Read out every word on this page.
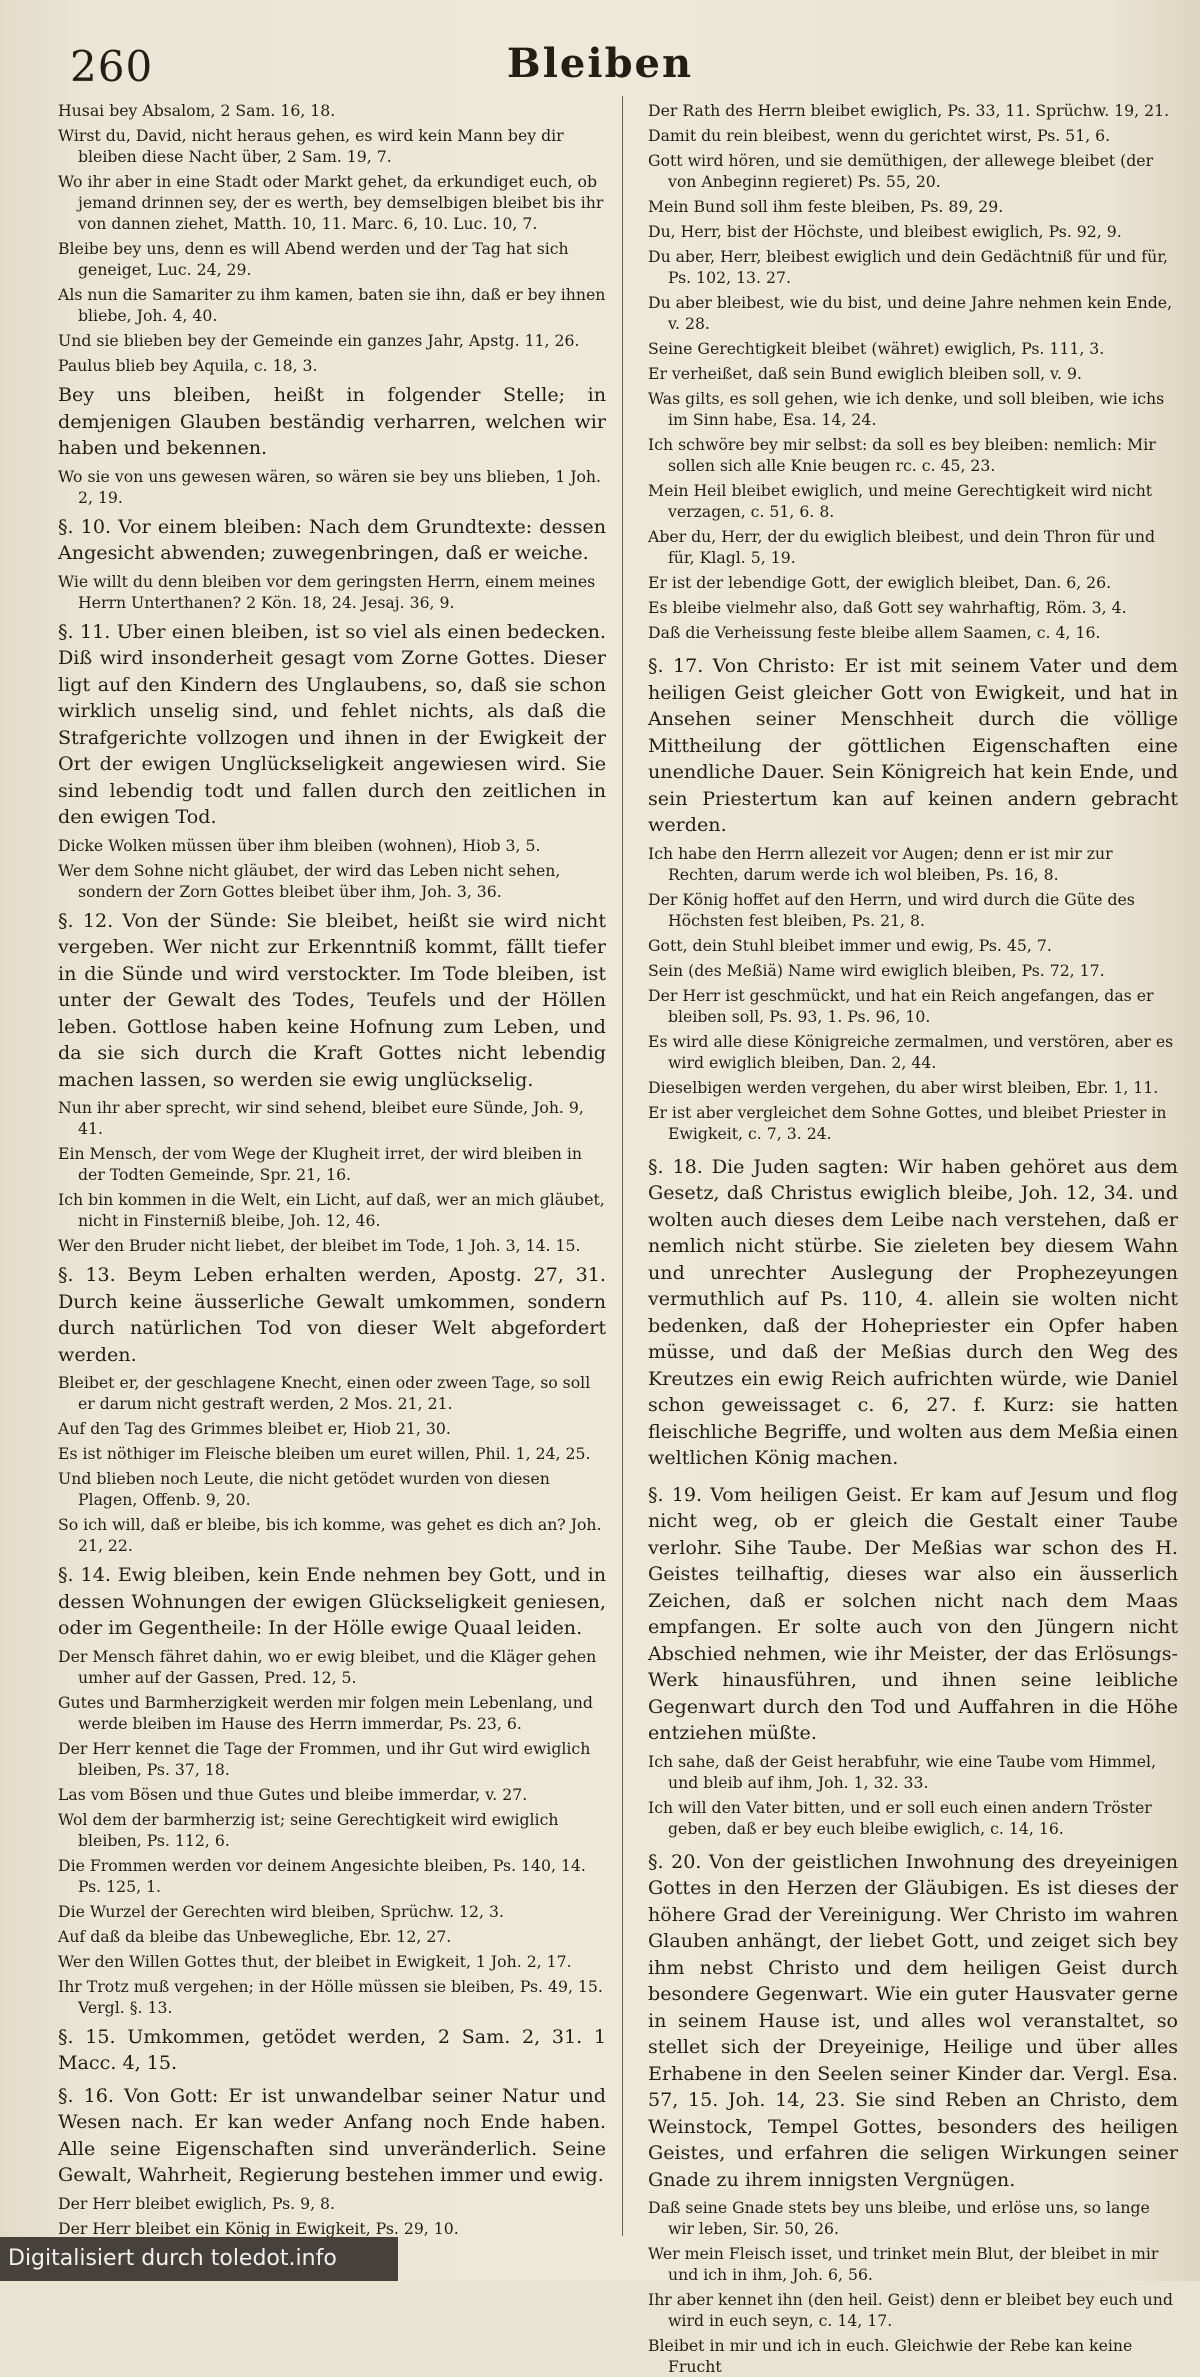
260	Bleiben
Husai bey Absalom, 2 Sam. 16, 18.
Wirst du, David, nicht heraus gehen, es wird kein Mann bey dir bleiben diese Nacht über, 2 Sam. 19, 7.
Wo ihr aber in eine Stadt oder Markt gehet, da erkundiget euch, ob jemand drinnen sey, der es werth, bey demselbigen bleibet bis ihr von dannen ziehet, Matth. 10, 11. Marc. 6, 10. Luc. 10, 7.
Bleibe bey uns, denn es will Abend werden und der Tag hat sich geneiget, Luc. 24, 29.
Als nun die Samariter zu ihm kamen, baten sie ihn, daß er bey ihnen bliebe, Joh. 4, 40.
Und sie blieben bey der Gemeinde ein ganzes Jahr, Apstg. 11, 26.
Paulus blieb bey Aquila, c. 18, 3.
Bey uns bleiben, heißt in folgender Stelle; in demjenigen Glauben beständig verharren, welchen wir haben und bekennen.
Wo sie von uns gewesen wären, so wären sie bey uns blieben, 1 Joh. 2, 19.
§. 10. Vor einem bleiben: Nach dem Grundtexte: dessen Angesicht abwenden; zuwegenbringen, daß er weiche.
Wie willt du denn bleiben vor dem geringsten Herrn, einem meines Herrn Unterthanen? 2 Kön. 18, 24. Jesaj. 36, 9.
§. 11. Uber einen bleiben, ist so viel als einen bedecken. Diß wird insonderheit gesagt vom Zorne Gottes. Dieser ligt auf den Kindern des Unglaubens, so, daß sie schon wirklich unselig sind, und fehlet nichts, als daß die Strafgerichte vollzogen und ihnen in der Ewigkeit der Ort der ewigen Unglückseligkeit angewiesen wird. Sie sind lebendig todt und fallen durch den zeitlichen in den ewigen Tod.
Dicke Wolken müssen über ihm bleiben (wohnen), Hiob 3, 5.
Wer dem Sohne nicht gläubet, der wird das Leben nicht sehen, sondern der Zorn Gottes bleibet über ihm, Joh. 3, 36.
§. 12. Von der Sünde: Sie bleibet, heißt sie wird nicht vergeben. Wer nicht zur Erkenntniß kommt, fällt tiefer in die Sünde und wird verstockter. Im Tode bleiben, ist unter der Gewalt des Todes, Teufels und der Höllen leben. Gottlose haben keine Hofnung zum Leben, und da sie sich durch die Kraft Gottes nicht lebendig machen lassen, so werden sie ewig unglückselig.
Nun ihr aber sprecht, wir sind sehend, bleibet eure Sünde, Joh. 9, 41.
Ein Mensch, der vom Wege der Klugheit irret, der wird bleiben in der Todten Gemeinde, Spr. 21, 16.
Ich bin kommen in die Welt, ein Licht, auf daß, wer an mich gläubet, nicht in Finsterniß bleibe, Joh. 12, 46.
Wer den Bruder nicht liebet, der bleibet im Tode, 1 Joh. 3, 14. 15.
§. 13. Beym Leben erhalten werden, Apostg. 27, 31. Durch keine äusserliche Gewalt umkommen, sondern durch natürlichen Tod von dieser Welt abgefordert werden.
Bleibet er, der geschlagene Knecht, einen oder zween Tage, so soll er darum nicht gestraft werden, 2 Mos. 21, 21.
Auf den Tag des Grimmes bleibet er, Hiob 21, 30.
Es ist nöthiger im Fleische bleiben um euret willen, Phil. 1, 24, 25.
Und blieben noch Leute, die nicht getödet wurden von diesen Plagen, Offenb. 9, 20.
So ich will, daß er bleibe, bis ich komme, was gehet es dich an? Joh. 21, 22.
§. 14. Ewig bleiben, kein Ende nehmen bey Gott, und in dessen Wohnungen der ewigen Glückseligkeit geniesen, oder im Gegentheile: In der Hölle ewige Quaal leiden.
Der Mensch fähret dahin, wo er ewig bleibet, und die Kläger gehen umher auf der Gassen, Pred. 12, 5.
Gutes und Barmherzigkeit werden mir folgen mein Lebenlang, und werde bleiben im Hause des Herrn immerdar, Ps. 23, 6.
Der Herr kennet die Tage der Frommen, und ihr Gut wird ewiglich bleiben, Ps. 37, 18.
Las vom Bösen und thue Gutes und bleibe immerdar, v. 27.
Wol dem der barmherzig ist; seine Gerechtigkeit wird ewiglich bleiben, Ps. 112, 6.
Die Frommen werden vor deinem Angesichte bleiben, Ps. 140, 14. Ps. 125, 1.
Die Wurzel der Gerechten wird bleiben, Sprüchw. 12, 3.
Auf daß da bleibe das Unbewegliche, Ebr. 12, 27.
Wer den Willen Gottes thut, der bleibet in Ewigkeit, 1 Joh. 2, 17.
Ihr Trotz muß vergehen; in der Hölle müssen sie bleiben, Ps. 49, 15. Vergl. §. 13.
§. 15. Umkommen, getödet werden, 2 Sam. 2, 31. 1 Macc. 4, 15.
§. 16. Von Gott: Er ist unwandelbar seiner Natur und Wesen nach. Er kan weder Anfang noch Ende haben. Alle seine Eigenschaften sind unveränderlich. Seine Gewalt, Wahrheit, Regierung bestehen immer und ewig.
Der Herr bleibet ewiglich, Ps. 9, 8.
Der Herr bleibet ein König in Ewigkeit, Ps. 29, 10.
Der Rath des Herrn bleibet ewiglich, Ps. 33, 11. Sprüchw. 19, 21.
Damit du rein bleibest, wenn du gerichtet wirst, Ps. 51, 6.
Gott wird hören, und sie demüthigen, der allewege bleibet (der von Anbeginn regieret) Ps. 55, 20.
Mein Bund soll ihm feste bleiben, Ps. 89, 29.
Du, Herr, bist der Höchste, und bleibest ewiglich, Ps. 92, 9.
Du aber, Herr, bleibest ewiglich und dein Gedächtniß für und für, Ps. 102, 13. 27.
Du aber bleibest, wie du bist, und deine Jahre nehmen kein Ende, v. 28.
Seine Gerechtigkeit bleibet (währet) ewiglich, Ps. 111, 3.
Er verheißet, daß sein Bund ewiglich bleiben soll, v. 9.
Was gilts, es soll gehen, wie ich denke, und soll bleiben, wie ichs im Sinn habe, Esa. 14, 24.
Ich schwöre bey mir selbst: da soll es bey bleiben: nemlich: Mir sollen sich alle Knie beugen rc. c. 45, 23.
Mein Heil bleibet ewiglich, und meine Gerechtigkeit wird nicht verzagen, c. 51, 6. 8.
Aber du, Herr, der du ewiglich bleibest, und dein Thron für und für, Klagl. 5, 19.
Er ist der lebendige Gott, der ewiglich bleibet, Dan. 6, 26.
Es bleibe vielmehr also, daß Gott sey wahrhaftig, Röm. 3, 4.
Daß die Verheissung feste bleibe allem Saamen, c. 4, 16.
§. 17. Von Christo: Er ist mit seinem Vater und dem heiligen Geist gleicher Gott von Ewigkeit, und hat in Ansehen seiner Menschheit durch die völlige Mittheilung der göttlichen Eigenschaften eine unendliche Dauer. Sein Königreich hat kein Ende, und sein Priestertum kan auf keinen andern gebracht werden.
Ich habe den Herrn allezeit vor Augen; denn er ist mir zur Rechten, darum werde ich wol bleiben, Ps. 16, 8.
Der König hoffet auf den Herrn, und wird durch die Güte des Höchsten fest bleiben, Ps. 21, 8.
Gott, dein Stuhl bleibet immer und ewig, Ps. 45, 7.
Sein (des Meßiä) Name wird ewiglich bleiben, Ps. 72, 17.
Der Herr ist geschmückt, und hat ein Reich angefangen, das er bleiben soll, Ps. 93, 1. Ps. 96, 10.
Es wird alle diese Königreiche zermalmen, und verstören, aber es wird ewiglich bleiben, Dan. 2, 44.
Dieselbigen werden vergehen, du aber wirst bleiben, Ebr. 1, 11.
Er ist aber vergleichet dem Sohne Gottes, und bleibet Priester in Ewigkeit, c. 7, 3. 24.
§. 18. Die Juden sagten: Wir haben gehöret aus dem Gesetz, daß Christus ewiglich bleibe, Joh. 12, 34. und wolten auch dieses dem Leibe nach verstehen, daß er nemlich nicht stürbe. Sie zieleten bey diesem Wahn und unrechter Auslegung der Prophezeyungen vermuthlich auf Ps. 110, 4. allein sie wolten nicht bedenken, daß der Hohepriester ein Opfer haben müsse, und daß der Meßias durch den Weg des Kreutzes ein ewig Reich aufrichten würde, wie Daniel schon geweissaget c. 6, 27. f. Kurz: sie hatten fleischliche Begriffe, und wolten aus dem Meßia einen weltlichen König machen.
§. 19. Vom heiligen Geist. Er kam auf Jesum und flog nicht weg, ob er gleich die Gestalt einer Taube verlohr. Sihe Taube. Der Meßias war schon des H. Geistes teilhaftig, dieses war also ein äusserlich Zeichen, daß er solchen nicht nach dem Maas empfangen. Er solte auch von den Jüngern nicht Abschied nehmen, wie ihr Meister, der das Erlösungs-Werk hinausführen, und ihnen seine leibliche Gegenwart durch den Tod und Auffahren in die Höhe entziehen müßte.
Ich sahe, daß der Geist herabfuhr, wie eine Taube vom Himmel, und bleib auf ihm, Joh. 1, 32. 33.
Ich will den Vater bitten, und er soll euch einen andern Tröster geben, daß er bey euch bleibe ewiglich, c. 14, 16.
§. 20. Von der geistlichen Inwohnung des dreyeinigen Gottes in den Herzen der Gläubigen. Es ist dieses der höhere Grad der Vereinigung. Wer Christo im wahren Glauben anhängt, der liebet Gott, und zeiget sich bey ihm nebst Christo und dem heiligen Geist durch besondere Gegenwart. Wie ein guter Hausvater gerne in seinem Hause ist, und alles wol veranstaltet, so stellet sich der Dreyeinige, Heilige und über alles Erhabene in den Seelen seiner Kinder dar. Vergl. Esa. 57, 15. Joh. 14, 23. Sie sind Reben an Christo, dem Weinstock, Tempel Gottes, besonders des heiligen Geistes, und erfahren die seligen Wirkungen seiner Gnade zu ihrem innigsten Vergnügen.
Daß seine Gnade stets bey uns bleibe, und erlöse uns, so lange wir leben, Sir. 50, 26.
Wer mein Fleisch isset, und trinket mein Blut, der bleibet in mir und ich in ihm, Joh. 6, 56.
Ihr aber kennet ihn (den heil. Geist) denn er bleibet bey euch und wird in euch seyn, c. 14, 17.
Bleibet in mir und ich in euch. Gleichwie der Rebe kan keine Frucht
Digitalisiert durch toledot.info
